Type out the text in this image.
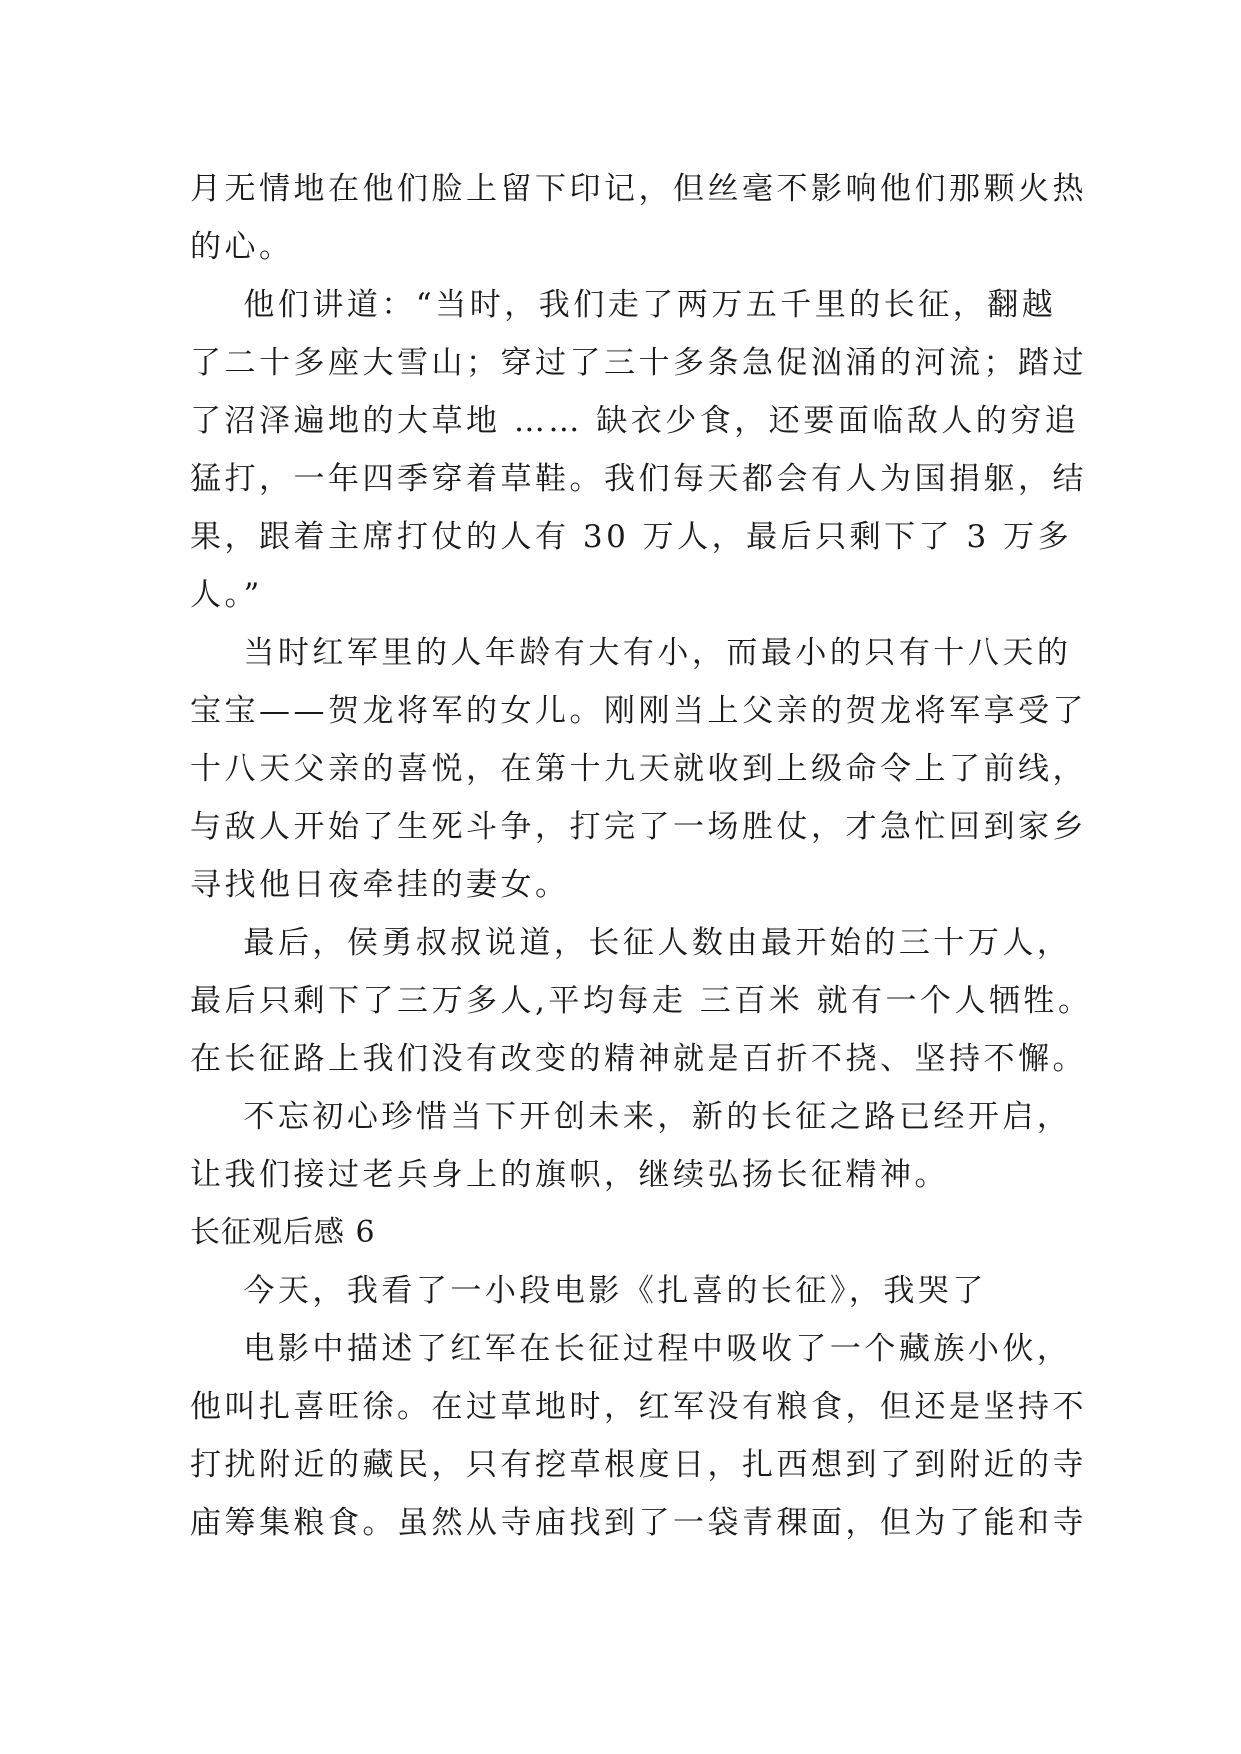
月无情地在他们脸上留下印记，但丝毫不影响他们那颗火热
的心。
他们讲道：“当时，我们走了两万五千里的长征，翻越
了二十多座大雪山；穿过了三十多条急促汹涌的河流；踏过
了沼泽遍地的大草地 …… 缺衣少食，还要面临敌人的穷追
猛打，一年四季穿着草鞋。我们每天都会有人为国捐躯，结
果，跟着主席打仗的人有 30 万人，最后只剩下了 3 万多
人。”
当时红军里的人年龄有大有小，而最小的只有十八天的
宝宝——贺龙将军的女儿。刚刚当上父亲的贺龙将军享受了
十八天父亲的喜悦，在第十九天就收到上级命令上了前线，
与敌人开始了生死斗争，打完了一场胜仗，才急忙回到家乡
寻找他日夜牵挂的妻女。
最后，侯勇叔叔说道，长征人数由最开始的三十万人，
最后只剩下了三万多人,平均每走 三百米 就有一个人牺牲。
在长征路上我们没有改变的精神就是百折不挠、坚持不懈。
不忘初心珍惜当下开创未来，新的长征之路已经开启，
让我们接过老兵身上的旗帜，继续弘扬长征精神。
长征观后感 6
今天，我看了一小段电影《扎喜的长征》，我哭了
电影中描述了红军在长征过程中吸收了一个藏族小伙，
他叫扎喜旺徐。在过草地时，红军没有粮食，但还是坚持不
打扰附近的藏民，只有挖草根度日，扎西想到了到附近的寺
庙筹集粮食。虽然从寺庙找到了一袋青稞面，但为了能和寺
